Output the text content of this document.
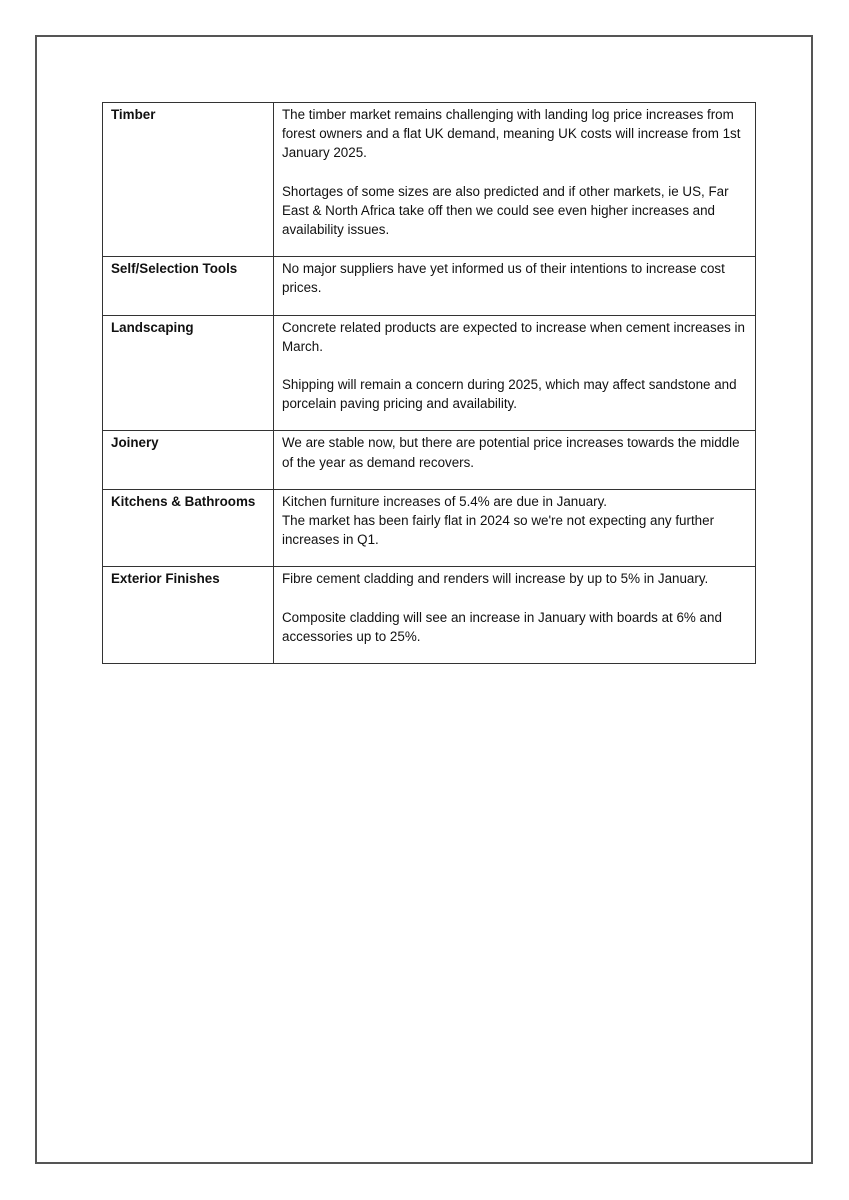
Timber	The timber market remains challenging with landing log price increases from forest owners and a flat UK demand, meaning UK costs will increase from 1st January 2025.

Shortages of some sizes are also predicted and if other markets, ie US, Far East & North Africa take off then we could see even higher increases and availability issues.

Self/Selection Tools	No major suppliers have yet informed us of their intentions to increase cost prices.

Landscaping	Concrete related products are expected to increase when cement increases in March.

Shipping will remain a concern during 2025, which may affect sandstone and porcelain paving pricing and availability.

Joinery	We are stable now, but there are potential price increases towards the middle of the year as demand recovers.

Kitchens & Bathrooms	Kitchen furniture increases of 5.4% are due in January.

The market has been fairly flat in 2024 so we're not expecting any further increases in Q1.

Exterior Finishes	Fibre cement cladding and renders will increase by up to 5% in January.

Composite cladding will see an increase in January with boards at 6% and accessories up to 25%.
